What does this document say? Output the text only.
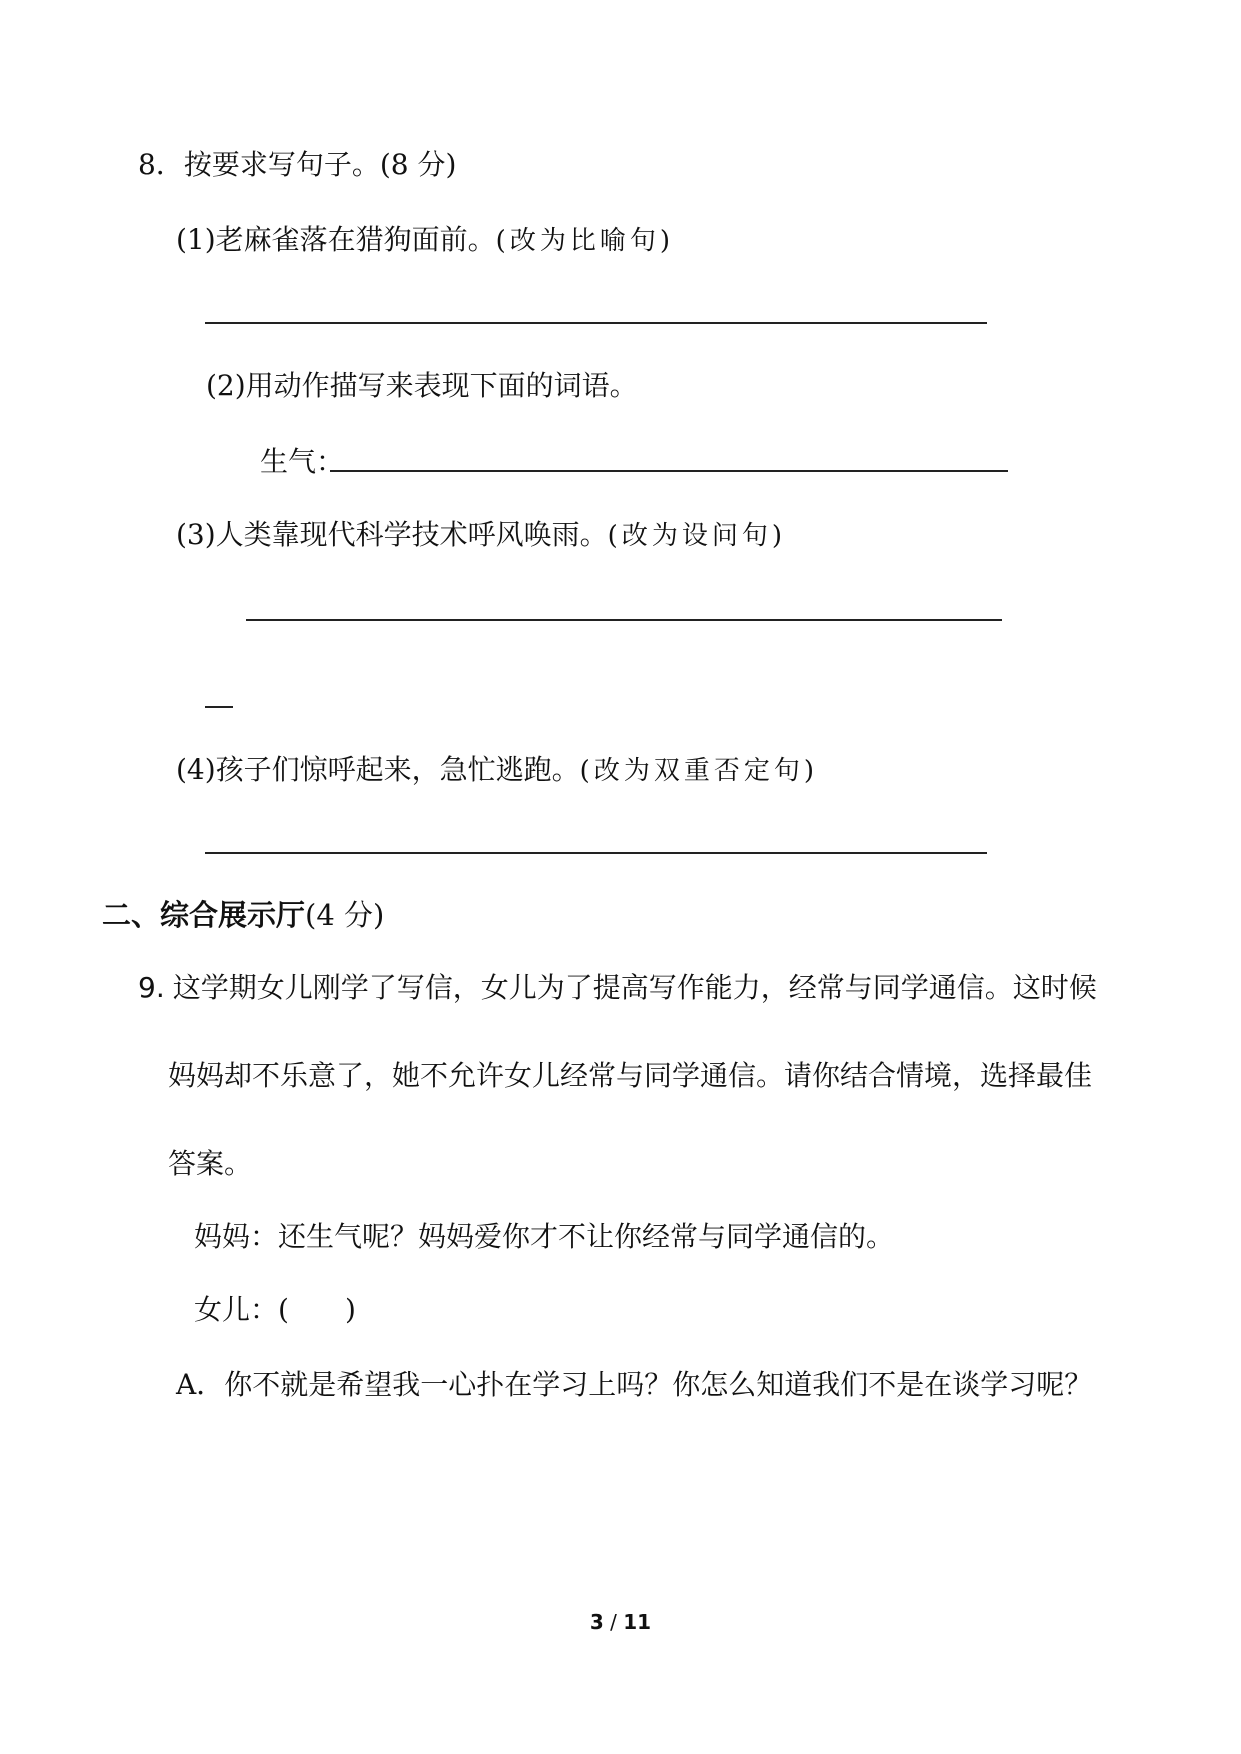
8．按要求写句子。(8 分)
(1)老麻雀落在猎狗面前。(改为比喻句)
(2)用动作描写来表现下面的词语。
生气：
(3)人类靠现代科学技术呼风唤雨。(改为设问句)
(4)孩子们惊呼起来，急忙逃跑。(改为双重否定句)
二、综合展示厅(4 分)
9. 这学期女儿刚学了写信，女儿为了提高写作能力，经常与同学通信。这时候
妈妈却不乐意了，她不允许女儿经常与同学通信。请你结合情境，选择最佳
答案。
妈妈：还生气呢？妈妈爱你才不让你经常与同学通信的。
女儿：( )
A．你不就是希望我一心扑在学习上吗？你怎么知道我们不是在谈学习呢？
3 / 11
